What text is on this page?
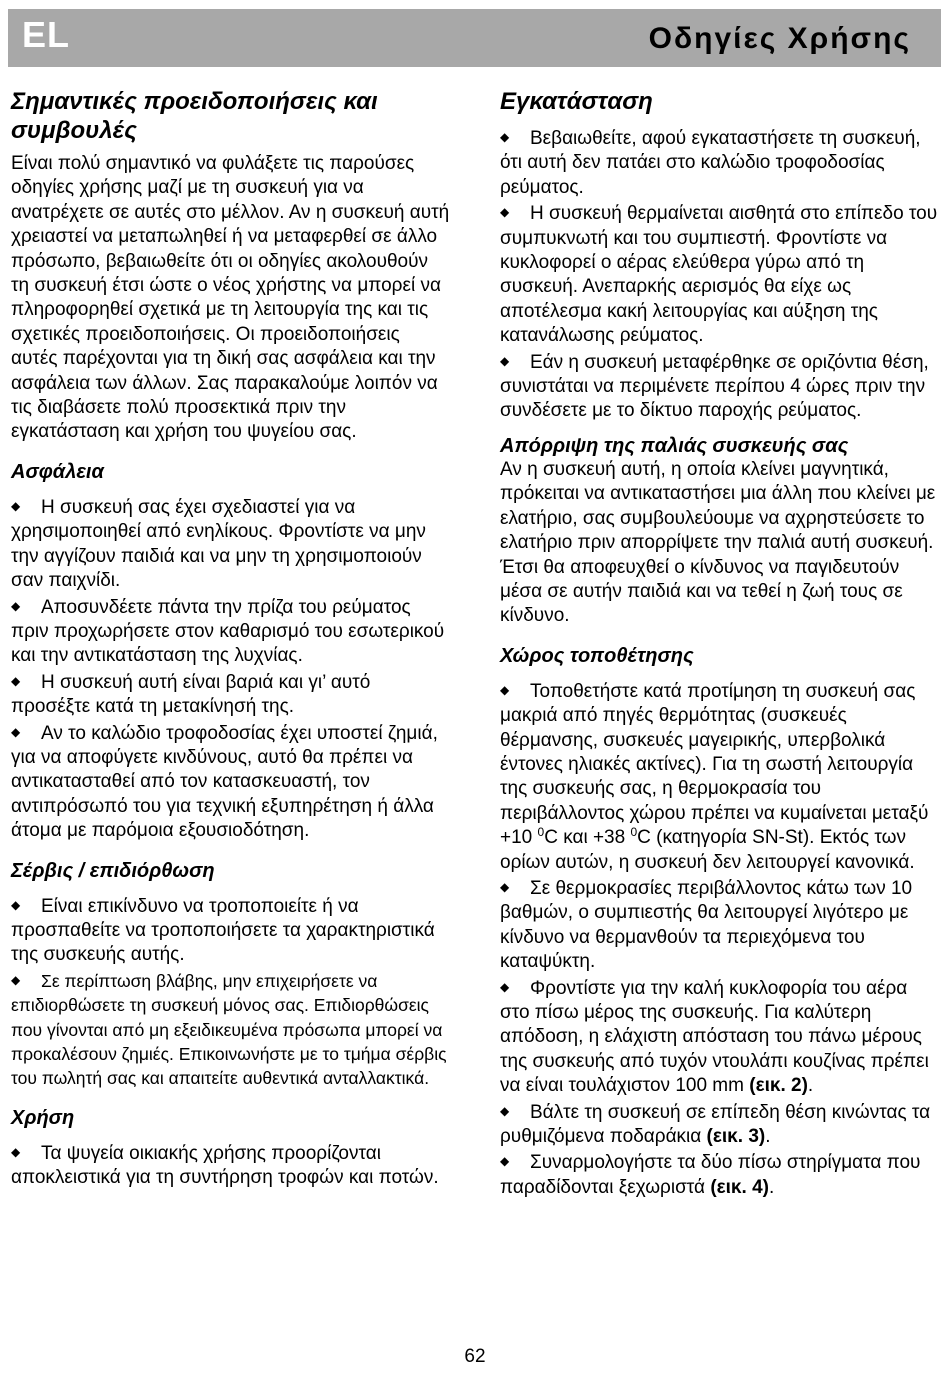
EL	Οδηγίες Χρήσης
Σημαντικές προειδοποιήσεις και συμβουλές

Είναι πολύ σημαντικό να φυλάξετε τις παρούσες οδηγίες χρήσης μαζί με τη συσκευή για να ανατρέχετε σε αυτές στο μέλλον. Αν η συσκευή αυτή χρειαστεί να μεταπωληθεί ή να μεταφερθεί σε άλλο πρόσωπο, βεβαιωθείτε ότι οι οδηγίες ακολουθούν τη συσκευή έτσι ώστε ο νέος χρήστης να μπορεί να πληροφορηθεί σχετικά με τη λειτουργία της και τις σχετικές προειδοποιήσεις. Οι προειδοποιήσεις αυτές παρέχονται για τη δική σας ασφάλεια και την ασφάλεια των άλλων. Σας παρακαλούμε λοιπόν να τις διαβάσετε πολύ προσεκτικά πριν την εγκατάσταση και χρήση του ψυγείου σας.

Ασφάλεια

◆ Η συσκευή σας έχει σχεδιαστεί για να χρησιμοποιηθεί από ενηλίκους. Φροντίστε να μην την αγγίζουν παιδιά και να μην τη χρησιμοποιούν σαν παιχνίδι.

◆ Αποσυνδέετε πάντα την πρίζα του ρεύματος πριν προχωρήσετε στον καθαρισμό του εσωτερικού και την αντικατάσταση της λυχνίας.

◆ Η συσκευή αυτή είναι βαριά και γι’ αυτό προσέξτε κατά τη μετακίνησή της.

◆ Αν το καλώδιο τροφοδοσίας έχει υποστεί ζημιά, για να αποφύγετε κινδύνους, αυτό θα πρέπει να αντικατασταθεί από τον κατασκευαστή, τον αντιπρόσωπό του για τεχνική εξυπηρέτηση ή άλλα άτομα με παρόμοια εξουσιοδότηση.

Σέρβις / επιδιόρθωση

◆ Είναι επικίνδυνο να τροποποιείτε ή να προσπαθείτε να τροποποιήσετε τα χαρακτηριστικά της συσκευής αυτής.

◆ Σε περίπτωση βλάβης, μην επιχειρήσετε να επιδιορθώσετε τη συσκευή μόνος σας. Επιδιορθώσεις που γίνονται από μη εξειδικευμένα πρόσωπα μπορεί να προκαλέσουν ζημιές. Επικοινωνήστε με το τμήμα σέρβις του πωλητή σας και απαιτείτε αυθεντικά ανταλλακτικά.

Χρήση

◆ Τα ψυγεία οικιακής χρήσης προορίζονται αποκλειστικά για τη συντήρηση τροφών και ποτών.

Εγκατάσταση

◆ Βεβαιωθείτε, αφού εγκαταστήσετε τη συσκευή, ότι αυτή δεν πατάει στο καλώδιο τροφοδοσίας ρεύματος.

◆ Η συσκευή θερμαίνεται αισθητά στο επίπεδο του συμπυκνωτή και του συμπιεστή. Φροντίστε να κυκλοφορεί ο αέρας ελεύθερα γύρω από τη συσκευή. Ανεπαρκής αερισμός θα είχε ως αποτέλεσμα κακή λειτουργίας και αύξηση της κατανάλωσης ρεύματος.

◆ Εάν η συσκευή μεταφέρθηκε σε οριζόντια θέση, συνιστάται να περιμένετε περίπου 4 ώρες πριν την συνδέσετε με το δίκτυο παροχής ρεύματος.

Απόρριψη της παλιάς συσκευής σας

Αν η συσκευή αυτή, η οποία κλείνει μαγνητικά, πρόκειται να αντικαταστήσει μια άλλη που κλείνει με ελατήριο, σας συμβουλεύουμε να αχρηστεύσετε το ελατήριο πριν απορρίψετε την παλιά αυτή συσκευή. Έτσι θα αποφευχθεί ο κίνδυνος να παγιδευτούν μέσα σε αυτήν παιδιά και να τεθεί η ζωή τους σε κίνδυνο.

Χώρος τοποθέτησης

◆ Τοποθετήστε κατά προτίμηση τη συσκευή σας μακριά από πηγές θερμότητας (συσκευές θέρμανσης, συσκευές μαγειρικής, υπερβολικά έντονες ηλιακές ακτίνες). Για τη σωστή λειτουργία της συσκευής σας, η θερμοκρασία του περιβάλλοντος χώρου πρέπει να κυμαίνεται μεταξύ +10 $^0$C και +38 $^0$C (κατηγορία SN-St). Εκτός των ορίων αυτών, η συσκευή δεν λειτουργεί κανονικά.

◆ Σε θερμοκρασίες περιβάλλοντος κάτω των 10 βαθμών, ο συμπιεστής θα λειτουργεί λιγότερο με κίνδυνο να θερμανθούν τα περιεχόμενα του καταψύκτη.

◆ Φροντίστε για την καλή κυκλοφορία του αέρα στο πίσω μέρος της συσκευής. Για καλύτερη απόδοση, η ελάχιστη απόσταση του πάνω μέρους της συσκευής από τυχόν ντουλάπι κουζίνας πρέπει να είναι τουλάχιστον 100 mm (εικ. 2).

◆ Βάλτε τη συσκευή σε επίπεδη θέση κινώντας τα ρυθμιζόμενα ποδαράκια (εικ. 3).

◆ Συναρμολογήστε τα δύο πίσω στηρίγματα που παραδίδονται ξεχωριστά (εικ. 4).

62
